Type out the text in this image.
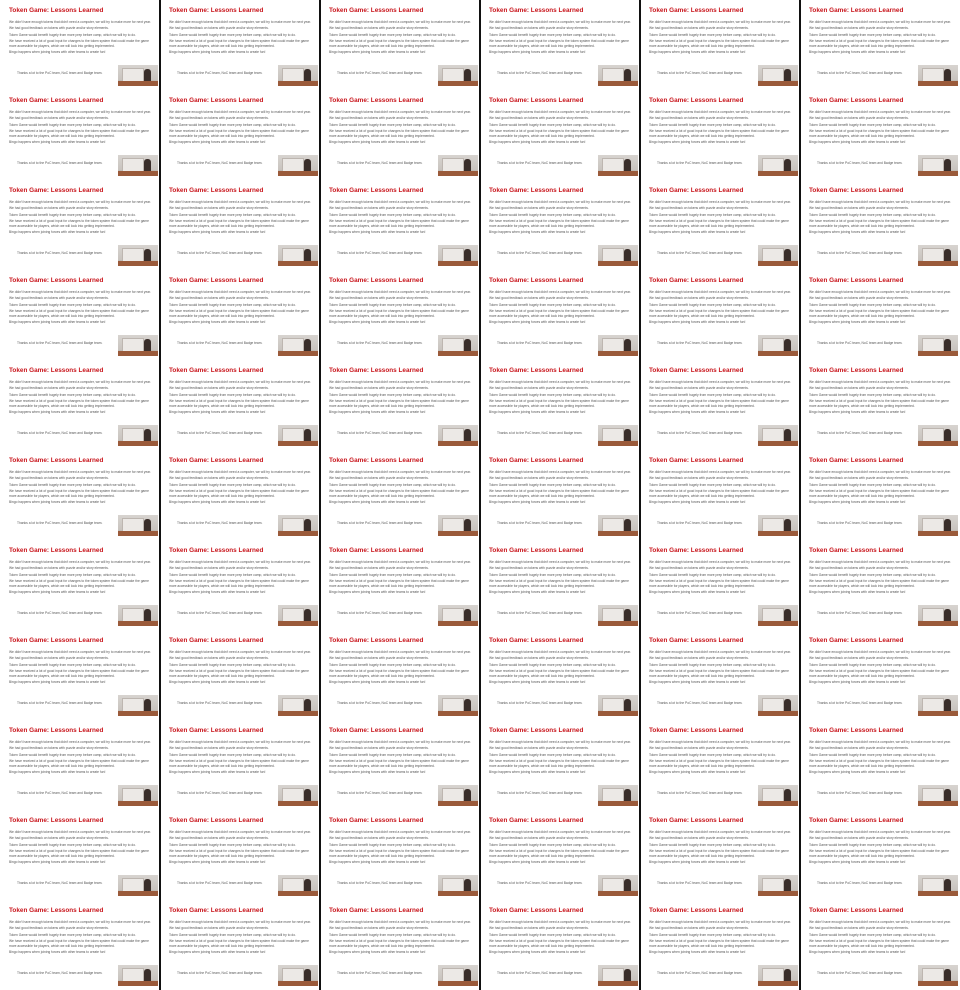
Token Game: Lessons Learned
We didn't have enough tokens that didn't need a computer, we will try to make more for next year.
We had good feedback on tokens with puzzle and/or story elements.
Token Game would benefit hugely from more prep before camp, which we will try to do.
We have received a lot of good input for changes to the token system that could make the game more accessible for players, which we will look into getting implemented.
Bingo happens when joining forces with other teams to create fun!
Thanks a lot to the PoC team, NoC team and Badge team.
Token Game: Lessons Learned
We didn't have enough tokens that didn't need a computer, we will try to make more for next year.
We had good feedback on tokens with puzzle and/or story elements.
Token Game would benefit hugely from more prep before camp, which we will try to do.
We have received a lot of good input for changes to the token system that could make the game more accessible for players, which we will look into getting implemented.
Bingo happens when joining forces with other teams to create fun!
Thanks a lot to the PoC team, NoC team and Badge team.
Token Game: Lessons Learned
We didn't have enough tokens that didn't need a computer, we will try to make more for next year.
We had good feedback on tokens with puzzle and/or story elements.
Token Game would benefit hugely from more prep before camp, which we will try to do.
We have received a lot of good input for changes to the token system that could make the game more accessible for players, which we will look into getting implemented.
Bingo happens when joining forces with other teams to create fun!
Thanks a lot to the PoC team, NoC team and Badge team.
Token Game: Lessons Learned
We didn't have enough tokens that didn't need a computer, we will try to make more for next year.
We had good feedback on tokens with puzzle and/or story elements.
Token Game would benefit hugely from more prep before camp, which we will try to do.
We have received a lot of good input for changes to the token system that could make the game more accessible for players, which we will look into getting implemented.
Bingo happens when joining forces with other teams to create fun!
Thanks a lot to the PoC team, NoC team and Badge team.
Token Game: Lessons Learned
We didn't have enough tokens that didn't need a computer, we will try to make more for next year.
We had good feedback on tokens with puzzle and/or story elements.
Token Game would benefit hugely from more prep before camp, which we will try to do.
We have received a lot of good input for changes to the token system that could make the game more accessible for players, which we will look into getting implemented.
Bingo happens when joining forces with other teams to create fun!
Thanks a lot to the PoC team, NoC team and Badge team.
Token Game: Lessons Learned
We didn't have enough tokens that didn't need a computer, we will try to make more for next year.
We had good feedback on tokens with puzzle and/or story elements.
Token Game would benefit hugely from more prep before camp, which we will try to do.
We have received a lot of good input for changes to the token system that could make the game more accessible for players, which we will look into getting implemented.
Bingo happens when joining forces with other teams to create fun!
Thanks a lot to the PoC team, NoC team and Badge team.
Token Game: Lessons Learned
We didn't have enough tokens that didn't need a computer, we will try to make more for next year.
We had good feedback on tokens with puzzle and/or story elements.
Token Game would benefit hugely from more prep before camp, which we will try to do.
We have received a lot of good input for changes to the token system that could make the game more accessible for players, which we will look into getting implemented.
Bingo happens when joining forces with other teams to create fun!
Thanks a lot to the PoC team, NoC team and Badge team.
Token Game: Lessons Learned
We didn't have enough tokens that didn't need a computer, we will try to make more for next year.
We had good feedback on tokens with puzzle and/or story elements.
Token Game would benefit hugely from more prep before camp, which we will try to do.
We have received a lot of good input for changes to the token system that could make the game more accessible for players, which we will look into getting implemented.
Bingo happens when joining forces with other teams to create fun!
Thanks a lot to the PoC team, NoC team and Badge team.
Token Game: Lessons Learned
We didn't have enough tokens that didn't need a computer, we will try to make more for next year.
We had good feedback on tokens with puzzle and/or story elements.
Token Game would benefit hugely from more prep before camp, which we will try to do.
We have received a lot of good input for changes to the token system that could make the game more accessible for players, which we will look into getting implemented.
Bingo happens when joining forces with other teams to create fun!
Thanks a lot to the PoC team, NoC team and Badge team.
Token Game: Lessons Learned
We didn't have enough tokens that didn't need a computer, we will try to make more for next year.
We had good feedback on tokens with puzzle and/or story elements.
Token Game would benefit hugely from more prep before camp, which we will try to do.
We have received a lot of good input for changes to the token system that could make the game more accessible for players, which we will look into getting implemented.
Bingo happens when joining forces with other teams to create fun!
Thanks a lot to the PoC team, NoC team and Badge team.
Token Game: Lessons Learned
We didn't have enough tokens that didn't need a computer, we will try to make more for next year.
We had good feedback on tokens with puzzle and/or story elements.
Token Game would benefit hugely from more prep before camp, which we will try to do.
We have received a lot of good input for changes to the token system that could make the game more accessible for players, which we will look into getting implemented.
Bingo happens when joining forces with other teams to create fun!
Thanks a lot to the PoC team, NoC team and Badge team.
Token Game: Lessons Learned
We didn't have enough tokens that didn't need a computer, we will try to make more for next year.
We had good feedback on tokens with puzzle and/or story elements.
Token Game would benefit hugely from more prep before camp, which we will try to do.
We have received a lot of good input for changes to the token system that could make the game more accessible for players, which we will look into getting implemented.
Bingo happens when joining forces with other teams to create fun!
Thanks a lot to the PoC team, NoC team and Badge team.
Token Game: Lessons Learned
We didn't have enough tokens that didn't need a computer, we will try to make more for next year.
We had good feedback on tokens with puzzle and/or story elements.
Token Game would benefit hugely from more prep before camp, which we will try to do.
We have received a lot of good input for changes to the token system that could make the game more accessible for players, which we will look into getting implemented.
Bingo happens when joining forces with other teams to create fun!
Thanks a lot to the PoC team, NoC team and Badge team.
Token Game: Lessons Learned
We didn't have enough tokens that didn't need a computer, we will try to make more for next year.
We had good feedback on tokens with puzzle and/or story elements.
Token Game would benefit hugely from more prep before camp, which we will try to do.
We have received a lot of good input for changes to the token system that could make the game more accessible for players, which we will look into getting implemented.
Bingo happens when joining forces with other teams to create fun!
Thanks a lot to the PoC team, NoC team and Badge team.
Token Game: Lessons Learned
We didn't have enough tokens that didn't need a computer, we will try to make more for next year.
We had good feedback on tokens with puzzle and/or story elements.
Token Game would benefit hugely from more prep before camp, which we will try to do.
We have received a lot of good input for changes to the token system that could make the game more accessible for players, which we will look into getting implemented.
Bingo happens when joining forces with other teams to create fun!
Thanks a lot to the PoC team, NoC team and Badge team.
Token Game: Lessons Learned
We didn't have enough tokens that didn't need a computer, we will try to make more for next year.
We had good feedback on tokens with puzzle and/or story elements.
Token Game would benefit hugely from more prep before camp, which we will try to do.
We have received a lot of good input for changes to the token system that could make the game more accessible for players, which we will look into getting implemented.
Bingo happens when joining forces with other teams to create fun!
Thanks a lot to the PoC team, NoC team and Badge team.
Token Game: Lessons Learned
We didn't have enough tokens that didn't need a computer, we will try to make more for next year.
We had good feedback on tokens with puzzle and/or story elements.
Token Game would benefit hugely from more prep before camp, which we will try to do.
We have received a lot of good input for changes to the token system that could make the game more accessible for players, which we will look into getting implemented.
Bingo happens when joining forces with other teams to create fun!
Thanks a lot to the PoC team, NoC team and Badge team.
Token Game: Lessons Learned
We didn't have enough tokens that didn't need a computer, we will try to make more for next year.
We had good feedback on tokens with puzzle and/or story elements.
Token Game would benefit hugely from more prep before camp, which we will try to do.
We have received a lot of good input for changes to the token system that could make the game more accessible for players, which we will look into getting implemented.
Bingo happens when joining forces with other teams to create fun!
Thanks a lot to the PoC team, NoC team and Badge team.
Token Game: Lessons Learned
We didn't have enough tokens that didn't need a computer, we will try to make more for next year.
We had good feedback on tokens with puzzle and/or story elements.
Token Game would benefit hugely from more prep before camp, which we will try to do.
We have received a lot of good input for changes to the token system that could make the game more accessible for players, which we will look into getting implemented.
Bingo happens when joining forces with other teams to create fun!
Thanks a lot to the PoC team, NoC team and Badge team.
Token Game: Lessons Learned
We didn't have enough tokens that didn't need a computer, we will try to make more for next year.
We had good feedback on tokens with puzzle and/or story elements.
Token Game would benefit hugely from more prep before camp, which we will try to do.
We have received a lot of good input for changes to the token system that could make the game more accessible for players, which we will look into getting implemented.
Bingo happens when joining forces with other teams to create fun!
Thanks a lot to the PoC team, NoC team and Badge team.
Token Game: Lessons Learned
We didn't have enough tokens that didn't need a computer, we will try to make more for next year.
We had good feedback on tokens with puzzle and/or story elements.
Token Game would benefit hugely from more prep before camp, which we will try to do.
We have received a lot of good input for changes to the token system that could make the game more accessible for players, which we will look into getting implemented.
Bingo happens when joining forces with other teams to create fun!
Thanks a lot to the PoC team, NoC team and Badge team.
Token Game: Lessons Learned
We didn't have enough tokens that didn't need a computer, we will try to make more for next year.
We had good feedback on tokens with puzzle and/or story elements.
Token Game would benefit hugely from more prep before camp, which we will try to do.
We have received a lot of good input for changes to the token system that could make the game more accessible for players, which we will look into getting implemented.
Bingo happens when joining forces with other teams to create fun!
Thanks a lot to the PoC team, NoC team and Badge team.
Token Game: Lessons Learned
We didn't have enough tokens that didn't need a computer, we will try to make more for next year.
We had good feedback on tokens with puzzle and/or story elements.
Token Game would benefit hugely from more prep before camp, which we will try to do.
We have received a lot of good input for changes to the token system that could make the game more accessible for players, which we will look into getting implemented.
Bingo happens when joining forces with other teams to create fun!
Thanks a lot to the PoC team, NoC team and Badge team.
Token Game: Lessons Learned
We didn't have enough tokens that didn't need a computer, we will try to make more for next year.
We had good feedback on tokens with puzzle and/or story elements.
Token Game would benefit hugely from more prep before camp, which we will try to do.
We have received a lot of good input for changes to the token system that could make the game more accessible for players, which we will look into getting implemented.
Bingo happens when joining forces with other teams to create fun!
Thanks a lot to the PoC team, NoC team and Badge team.
Token Game: Lessons Learned
We didn't have enough tokens that didn't need a computer, we will try to make more for next year.
We had good feedback on tokens with puzzle and/or story elements.
Token Game would benefit hugely from more prep before camp, which we will try to do.
We have received a lot of good input for changes to the token system that could make the game more accessible for players, which we will look into getting implemented.
Bingo happens when joining forces with other teams to create fun!
Thanks a lot to the PoC team, NoC team and Badge team.
Token Game: Lessons Learned
We didn't have enough tokens that didn't need a computer, we will try to make more for next year.
We had good feedback on tokens with puzzle and/or story elements.
Token Game would benefit hugely from more prep before camp, which we will try to do.
We have received a lot of good input for changes to the token system that could make the game more accessible for players, which we will look into getting implemented.
Bingo happens when joining forces with other teams to create fun!
Thanks a lot to the PoC team, NoC team and Badge team.
Token Game: Lessons Learned
We didn't have enough tokens that didn't need a computer, we will try to make more for next year.
We had good feedback on tokens with puzzle and/or story elements.
Token Game would benefit hugely from more prep before camp, which we will try to do.
We have received a lot of good input for changes to the token system that could make the game more accessible for players, which we will look into getting implemented.
Bingo happens when joining forces with other teams to create fun!
Thanks a lot to the PoC team, NoC team and Badge team.
Token Game: Lessons Learned
We didn't have enough tokens that didn't need a computer, we will try to make more for next year.
We had good feedback on tokens with puzzle and/or story elements.
Token Game would benefit hugely from more prep before camp, which we will try to do.
We have received a lot of good input for changes to the token system that could make the game more accessible for players, which we will look into getting implemented.
Bingo happens when joining forces with other teams to create fun!
Thanks a lot to the PoC team, NoC team and Badge team.
Token Game: Lessons Learned
We didn't have enough tokens that didn't need a computer, we will try to make more for next year.
We had good feedback on tokens with puzzle and/or story elements.
Token Game would benefit hugely from more prep before camp, which we will try to do.
We have received a lot of good input for changes to the token system that could make the game more accessible for players, which we will look into getting implemented.
Bingo happens when joining forces with other teams to create fun!
Thanks a lot to the PoC team, NoC team and Badge team.
Token Game: Lessons Learned
We didn't have enough tokens that didn't need a computer, we will try to make more for next year.
We had good feedback on tokens with puzzle and/or story elements.
Token Game would benefit hugely from more prep before camp, which we will try to do.
We have received a lot of good input for changes to the token system that could make the game more accessible for players, which we will look into getting implemented.
Bingo happens when joining forces with other teams to create fun!
Thanks a lot to the PoC team, NoC team and Badge team.
Token Game: Lessons Learned
We didn't have enough tokens that didn't need a computer, we will try to make more for next year.
We had good feedback on tokens with puzzle and/or story elements.
Token Game would benefit hugely from more prep before camp, which we will try to do.
We have received a lot of good input for changes to the token system that could make the game more accessible for players, which we will look into getting implemented.
Bingo happens when joining forces with other teams to create fun!
Thanks a lot to the PoC team, NoC team and Badge team.
Token Game: Lessons Learned
We didn't have enough tokens that didn't need a computer, we will try to make more for next year.
We had good feedback on tokens with puzzle and/or story elements.
Token Game would benefit hugely from more prep before camp, which we will try to do.
We have received a lot of good input for changes to the token system that could make the game more accessible for players, which we will look into getting implemented.
Bingo happens when joining forces with other teams to create fun!
Thanks a lot to the PoC team, NoC team and Badge team.
Token Game: Lessons Learned
We didn't have enough tokens that didn't need a computer, we will try to make more for next year.
We had good feedback on tokens with puzzle and/or story elements.
Token Game would benefit hugely from more prep before camp, which we will try to do.
We have received a lot of good input for changes to the token system that could make the game more accessible for players, which we will look into getting implemented.
Bingo happens when joining forces with other teams to create fun!
Thanks a lot to the PoC team, NoC team and Badge team.
Token Game: Lessons Learned
We didn't have enough tokens that didn't need a computer, we will try to make more for next year.
We had good feedback on tokens with puzzle and/or story elements.
Token Game would benefit hugely from more prep before camp, which we will try to do.
We have received a lot of good input for changes to the token system that could make the game more accessible for players, which we will look into getting implemented.
Bingo happens when joining forces with other teams to create fun!
Thanks a lot to the PoC team, NoC team and Badge team.
Token Game: Lessons Learned
We didn't have enough tokens that didn't need a computer, we will try to make more for next year.
We had good feedback on tokens with puzzle and/or story elements.
Token Game would benefit hugely from more prep before camp, which we will try to do.
We have received a lot of good input for changes to the token system that could make the game more accessible for players, which we will look into getting implemented.
Bingo happens when joining forces with other teams to create fun!
Thanks a lot to the PoC team, NoC team and Badge team.
Token Game: Lessons Learned
We didn't have enough tokens that didn't need a computer, we will try to make more for next year.
We had good feedback on tokens with puzzle and/or story elements.
Token Game would benefit hugely from more prep before camp, which we will try to do.
We have received a lot of good input for changes to the token system that could make the game more accessible for players, which we will look into getting implemented.
Bingo happens when joining forces with other teams to create fun!
Thanks a lot to the PoC team, NoC team and Badge team.
Token Game: Lessons Learned
We didn't have enough tokens that didn't need a computer, we will try to make more for next year.
We had good feedback on tokens with puzzle and/or story elements.
Token Game would benefit hugely from more prep before camp, which we will try to do.
We have received a lot of good input for changes to the token system that could make the game more accessible for players, which we will look into getting implemented.
Bingo happens when joining forces with other teams to create fun!
Thanks a lot to the PoC team, NoC team and Badge team.
Token Game: Lessons Learned
We didn't have enough tokens that didn't need a computer, we will try to make more for next year.
We had good feedback on tokens with puzzle and/or story elements.
Token Game would benefit hugely from more prep before camp, which we will try to do.
We have received a lot of good input for changes to the token system that could make the game more accessible for players, which we will look into getting implemented.
Bingo happens when joining forces with other teams to create fun!
Thanks a lot to the PoC team, NoC team and Badge team.
Token Game: Lessons Learned
We didn't have enough tokens that didn't need a computer, we will try to make more for next year.
We had good feedback on tokens with puzzle and/or story elements.
Token Game would benefit hugely from more prep before camp, which we will try to do.
We have received a lot of good input for changes to the token system that could make the game more accessible for players, which we will look into getting implemented.
Bingo happens when joining forces with other teams to create fun!
Thanks a lot to the PoC team, NoC team and Badge team.
Token Game: Lessons Learned
We didn't have enough tokens that didn't need a computer, we will try to make more for next year.
We had good feedback on tokens with puzzle and/or story elements.
Token Game would benefit hugely from more prep before camp, which we will try to do.
We have received a lot of good input for changes to the token system that could make the game more accessible for players, which we will look into getting implemented.
Bingo happens when joining forces with other teams to create fun!
Thanks a lot to the PoC team, NoC team and Badge team.
Token Game: Lessons Learned
We didn't have enough tokens that didn't need a computer, we will try to make more for next year.
We had good feedback on tokens with puzzle and/or story elements.
Token Game would benefit hugely from more prep before camp, which we will try to do.
We have received a lot of good input for changes to the token system that could make the game more accessible for players, which we will look into getting implemented.
Bingo happens when joining forces with other teams to create fun!
Thanks a lot to the PoC team, NoC team and Badge team.
Token Game: Lessons Learned
We didn't have enough tokens that didn't need a computer, we will try to make more for next year.
We had good feedback on tokens with puzzle and/or story elements.
Token Game would benefit hugely from more prep before camp, which we will try to do.
We have received a lot of good input for changes to the token system that could make the game more accessible for players, which we will look into getting implemented.
Bingo happens when joining forces with other teams to create fun!
Thanks a lot to the PoC team, NoC team and Badge team.
Token Game: Lessons Learned
We didn't have enough tokens that didn't need a computer, we will try to make more for next year.
We had good feedback on tokens with puzzle and/or story elements.
Token Game would benefit hugely from more prep before camp, which we will try to do.
We have received a lot of good input for changes to the token system that could make the game more accessible for players, which we will look into getting implemented.
Bingo happens when joining forces with other teams to create fun!
Thanks a lot to the PoC team, NoC team and Badge team.
Token Game: Lessons Learned
We didn't have enough tokens that didn't need a computer, we will try to make more for next year.
We had good feedback on tokens with puzzle and/or story elements.
Token Game would benefit hugely from more prep before camp, which we will try to do.
We have received a lot of good input for changes to the token system that could make the game more accessible for players, which we will look into getting implemented.
Bingo happens when joining forces with other teams to create fun!
Thanks a lot to the PoC team, NoC team and Badge team.
Token Game: Lessons Learned
We didn't have enough tokens that didn't need a computer, we will try to make more for next year.
We had good feedback on tokens with puzzle and/or story elements.
Token Game would benefit hugely from more prep before camp, which we will try to do.
We have received a lot of good input for changes to the token system that could make the game more accessible for players, which we will look into getting implemented.
Bingo happens when joining forces with other teams to create fun!
Thanks a lot to the PoC team, NoC team and Badge team.
Token Game: Lessons Learned
We didn't have enough tokens that didn't need a computer, we will try to make more for next year.
We had good feedback on tokens with puzzle and/or story elements.
Token Game would benefit hugely from more prep before camp, which we will try to do.
We have received a lot of good input for changes to the token system that could make the game more accessible for players, which we will look into getting implemented.
Bingo happens when joining forces with other teams to create fun!
Thanks a lot to the PoC team, NoC team and Badge team.
Token Game: Lessons Learned
We didn't have enough tokens that didn't need a computer, we will try to make more for next year.
We had good feedback on tokens with puzzle and/or story elements.
Token Game would benefit hugely from more prep before camp, which we will try to do.
We have received a lot of good input for changes to the token system that could make the game more accessible for players, which we will look into getting implemented.
Bingo happens when joining forces with other teams to create fun!
Thanks a lot to the PoC team, NoC team and Badge team.
Token Game: Lessons Learned
We didn't have enough tokens that didn't need a computer, we will try to make more for next year.
We had good feedback on tokens with puzzle and/or story elements.
Token Game would benefit hugely from more prep before camp, which we will try to do.
We have received a lot of good input for changes to the token system that could make the game more accessible for players, which we will look into getting implemented.
Bingo happens when joining forces with other teams to create fun!
Thanks a lot to the PoC team, NoC team and Badge team.
Token Game: Lessons Learned
We didn't have enough tokens that didn't need a computer, we will try to make more for next year.
We had good feedback on tokens with puzzle and/or story elements.
Token Game would benefit hugely from more prep before camp, which we will try to do.
We have received a lot of good input for changes to the token system that could make the game more accessible for players, which we will look into getting implemented.
Bingo happens when joining forces with other teams to create fun!
Thanks a lot to the PoC team, NoC team and Badge team.
Token Game: Lessons Learned
We didn't have enough tokens that didn't need a computer, we will try to make more for next year.
We had good feedback on tokens with puzzle and/or story elements.
Token Game would benefit hugely from more prep before camp, which we will try to do.
We have received a lot of good input for changes to the token system that could make the game more accessible for players, which we will look into getting implemented.
Bingo happens when joining forces with other teams to create fun!
Thanks a lot to the PoC team, NoC team and Badge team.
Token Game: Lessons Learned
We didn't have enough tokens that didn't need a computer, we will try to make more for next year.
We had good feedback on tokens with puzzle and/or story elements.
Token Game would benefit hugely from more prep before camp, which we will try to do.
We have received a lot of good input for changes to the token system that could make the game more accessible for players, which we will look into getting implemented.
Bingo happens when joining forces with other teams to create fun!
Thanks a lot to the PoC team, NoC team and Badge team.
Token Game: Lessons Learned
We didn't have enough tokens that didn't need a computer, we will try to make more for next year.
We had good feedback on tokens with puzzle and/or story elements.
Token Game would benefit hugely from more prep before camp, which we will try to do.
We have received a lot of good input for changes to the token system that could make the game more accessible for players, which we will look into getting implemented.
Bingo happens when joining forces with other teams to create fun!
Thanks a lot to the PoC team, NoC team and Badge team.
Token Game: Lessons Learned
We didn't have enough tokens that didn't need a computer, we will try to make more for next year.
We had good feedback on tokens with puzzle and/or story elements.
Token Game would benefit hugely from more prep before camp, which we will try to do.
We have received a lot of good input for changes to the token system that could make the game more accessible for players, which we will look into getting implemented.
Bingo happens when joining forces with other teams to create fun!
Thanks a lot to the PoC team, NoC team and Badge team.
Token Game: Lessons Learned
We didn't have enough tokens that didn't need a computer, we will try to make more for next year.
We had good feedback on tokens with puzzle and/or story elements.
Token Game would benefit hugely from more prep before camp, which we will try to do.
We have received a lot of good input for changes to the token system that could make the game more accessible for players, which we will look into getting implemented.
Bingo happens when joining forces with other teams to create fun!
Thanks a lot to the PoC team, NoC team and Badge team.
Token Game: Lessons Learned
We didn't have enough tokens that didn't need a computer, we will try to make more for next year.
We had good feedback on tokens with puzzle and/or story elements.
Token Game would benefit hugely from more prep before camp, which we will try to do.
We have received a lot of good input for changes to the token system that could make the game more accessible for players, which we will look into getting implemented.
Bingo happens when joining forces with other teams to create fun!
Thanks a lot to the PoC team, NoC team and Badge team.
Token Game: Lessons Learned
We didn't have enough tokens that didn't need a computer, we will try to make more for next year.
We had good feedback on tokens with puzzle and/or story elements.
Token Game would benefit hugely from more prep before camp, which we will try to do.
We have received a lot of good input for changes to the token system that could make the game more accessible for players, which we will look into getting implemented.
Bingo happens when joining forces with other teams to create fun!
Thanks a lot to the PoC team, NoC team and Badge team.
Token Game: Lessons Learned
We didn't have enough tokens that didn't need a computer, we will try to make more for next year.
We had good feedback on tokens with puzzle and/or story elements.
Token Game would benefit hugely from more prep before camp, which we will try to do.
We have received a lot of good input for changes to the token system that could make the game more accessible for players, which we will look into getting implemented.
Bingo happens when joining forces with other teams to create fun!
Thanks a lot to the PoC team, NoC team and Badge team.
Token Game: Lessons Learned
We didn't have enough tokens that didn't need a computer, we will try to make more for next year.
We had good feedback on tokens with puzzle and/or story elements.
Token Game would benefit hugely from more prep before camp, which we will try to do.
We have received a lot of good input for changes to the token system that could make the game more accessible for players, which we will look into getting implemented.
Bingo happens when joining forces with other teams to create fun!
Thanks a lot to the PoC team, NoC team and Badge team.
Token Game: Lessons Learned
We didn't have enough tokens that didn't need a computer, we will try to make more for next year.
We had good feedback on tokens with puzzle and/or story elements.
Token Game would benefit hugely from more prep before camp, which we will try to do.
We have received a lot of good input for changes to the token system that could make the game more accessible for players, which we will look into getting implemented.
Bingo happens when joining forces with other teams to create fun!
Thanks a lot to the PoC team, NoC team and Badge team.
Token Game: Lessons Learned
We didn't have enough tokens that didn't need a computer, we will try to make more for next year.
We had good feedback on tokens with puzzle and/or story elements.
Token Game would benefit hugely from more prep before camp, which we will try to do.
We have received a lot of good input for changes to the token system that could make the game more accessible for players, which we will look into getting implemented.
Bingo happens when joining forces with other teams to create fun!
Thanks a lot to the PoC team, NoC team and Badge team.
Token Game: Lessons Learned
We didn't have enough tokens that didn't need a computer, we will try to make more for next year.
We had good feedback on tokens with puzzle and/or story elements.
Token Game would benefit hugely from more prep before camp, which we will try to do.
We have received a lot of good input for changes to the token system that could make the game more accessible for players, which we will look into getting implemented.
Bingo happens when joining forces with other teams to create fun!
Thanks a lot to the PoC team, NoC team and Badge team.
Token Game: Lessons Learned
We didn't have enough tokens that didn't need a computer, we will try to make more for next year.
We had good feedback on tokens with puzzle and/or story elements.
Token Game would benefit hugely from more prep before camp, which we will try to do.
We have received a lot of good input for changes to the token system that could make the game more accessible for players, which we will look into getting implemented.
Bingo happens when joining forces with other teams to create fun!
Thanks a lot to the PoC team, NoC team and Badge team.
Token Game: Lessons Learned
We didn't have enough tokens that didn't need a computer, we will try to make more for next year.
We had good feedback on tokens with puzzle and/or story elements.
Token Game would benefit hugely from more prep before camp, which we will try to do.
We have received a lot of good input for changes to the token system that could make the game more accessible for players, which we will look into getting implemented.
Bingo happens when joining forces with other teams to create fun!
Thanks a lot to the PoC team, NoC team and Badge team.
Token Game: Lessons Learned
We didn't have enough tokens that didn't need a computer, we will try to make more for next year.
We had good feedback on tokens with puzzle and/or story elements.
Token Game would benefit hugely from more prep before camp, which we will try to do.
We have received a lot of good input for changes to the token system that could make the game more accessible for players, which we will look into getting implemented.
Bingo happens when joining forces with other teams to create fun!
Thanks a lot to the PoC team, NoC team and Badge team.
Token Game: Lessons Learned
We didn't have enough tokens that didn't need a computer, we will try to make more for next year.
We had good feedback on tokens with puzzle and/or story elements.
Token Game would benefit hugely from more prep before camp, which we will try to do.
We have received a lot of good input for changes to the token system that could make the game more accessible for players, which we will look into getting implemented.
Bingo happens when joining forces with other teams to create fun!
Thanks a lot to the PoC team, NoC team and Badge team.
Token Game: Lessons Learned
We didn't have enough tokens that didn't need a computer, we will try to make more for next year.
We had good feedback on tokens with puzzle and/or story elements.
Token Game would benefit hugely from more prep before camp, which we will try to do.
We have received a lot of good input for changes to the token system that could make the game more accessible for players, which we will look into getting implemented.
Bingo happens when joining forces with other teams to create fun!
Thanks a lot to the PoC team, NoC team and Badge team.
